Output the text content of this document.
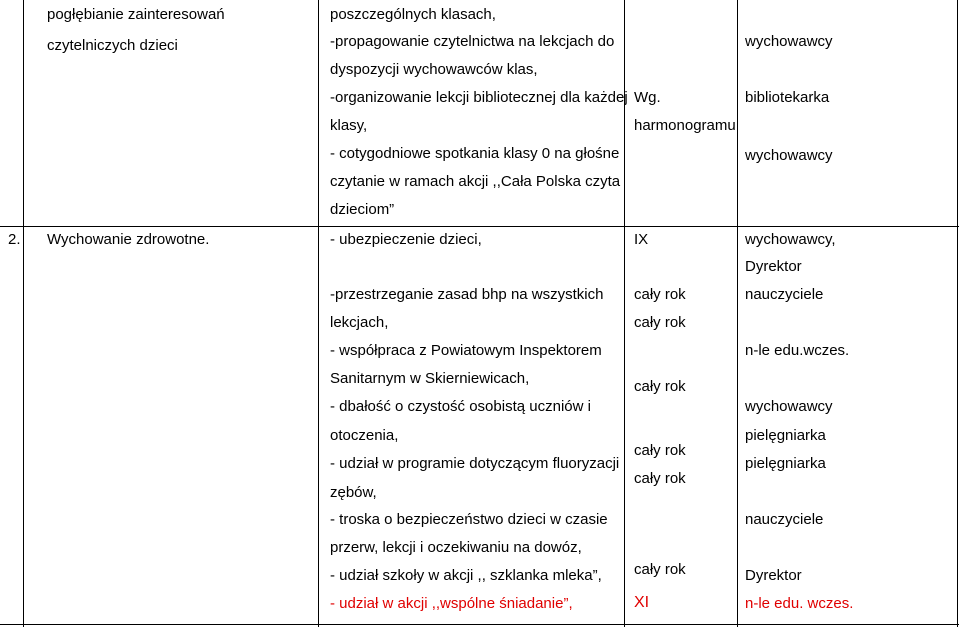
pogłębianie zainteresowań
czytelniczych dzieci
poszczególnych klasach,
-propagowanie czytelnictwa na lekcjach do
dyspozycji wychowawców klas,
-organizowanie lekcji bibliotecznej dla każdej
klasy,
- cotygodniowe spotkania klasy 0 na głośne
czytanie w ramach akcji ,,Cała Polska czyta
dzieciom”
Wg.
harmonogramu
wychowawcy
bibliotekarka
wychowawcy
2. Wychowanie zdrowotne.	- ubezpieczenie dzieci,
-przestrzeganie zasad bhp na wszystkich
lekcjach,
- współpraca z Powiatowym Inspektorem
Sanitarnym w Skierniewicach,
- dbałość o czystość osobistą uczniów i
otoczenia,
- udział w programie dotyczącym fluoryzacji
zębów,
- troska o bezpieczeństwo dzieci w czasie
przerw, lekcji i oczekiwaniu na dowóz,
- udział szkoły w akcji ,, szklanka mleka”,
- udział w akcji ,,wspólne śniadanie”,
IX
cały rok
cały rok
cały rok
cały rok
cały rok
cały rok
XI
wychowawcy,
Dyrektor
nauczyciele
n-le edu.wczes.
wychowawcy
pielęgniarka
pielęgniarka
nauczyciele
Dyrektor
n-le edu. wczes.
